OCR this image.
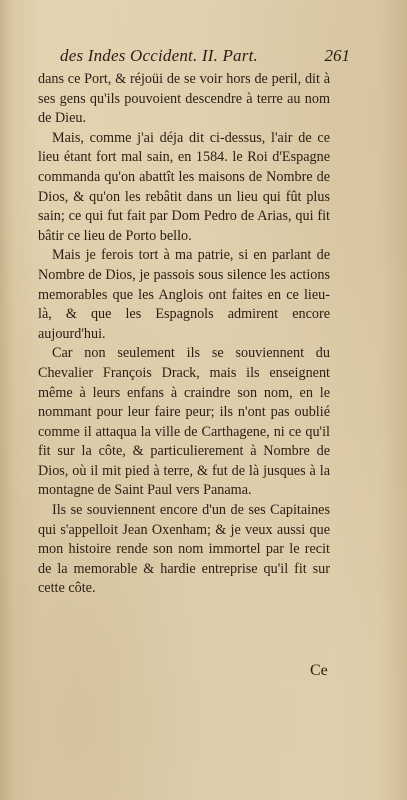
des Indes Occident. II. Part.	261

dans ce Port, & réjoüi de se voir hors de peril, dit à ses gens qu'ils pouvoient descendre à terre au nom de Dieu.

Mais, comme j'ai déja dit ci-dessus, l'air de ce lieu étant fort mal sain, en 1584. le Roi d'Espagne commanda qu'on abattît les maisons de Nombre de Dios, & qu'on les rebâtit dans un lieu qui fût plus sain; ce qui fut fait par Dom Pedro de Arias, qui fit bâtir ce lieu de Porto bello.

Mais je ferois tort à ma patrie, si en parlant de Nombre de Dios, je passois sous silence les actions memorables que les Anglois ont faites en ce lieu-là, & que les Espagnols admirent encore aujourd'hui.

Car non seulement ils se souviennent du Chevalier François Drack, mais ils enseignent même à leurs enfans à craindre son nom, en le nommant pour leur faire peur; ils n'ont pas oublié comme il attaqua la ville de Carthagene, ni ce qu'il fit sur la côte, & particulierement à Nombre de Dios, où il mit pied à terre, & fut de là jusques à la montagne de Saint Paul vers Panama.

Ils se souviennent encore d'un de ses Capitaines qui s'appelloit Jean Oxenham; & je veux aussi que mon histoire rende son nom immortel par le recit de la memorable & hardie entreprise qu'il fit sur cette côte.

Ce
